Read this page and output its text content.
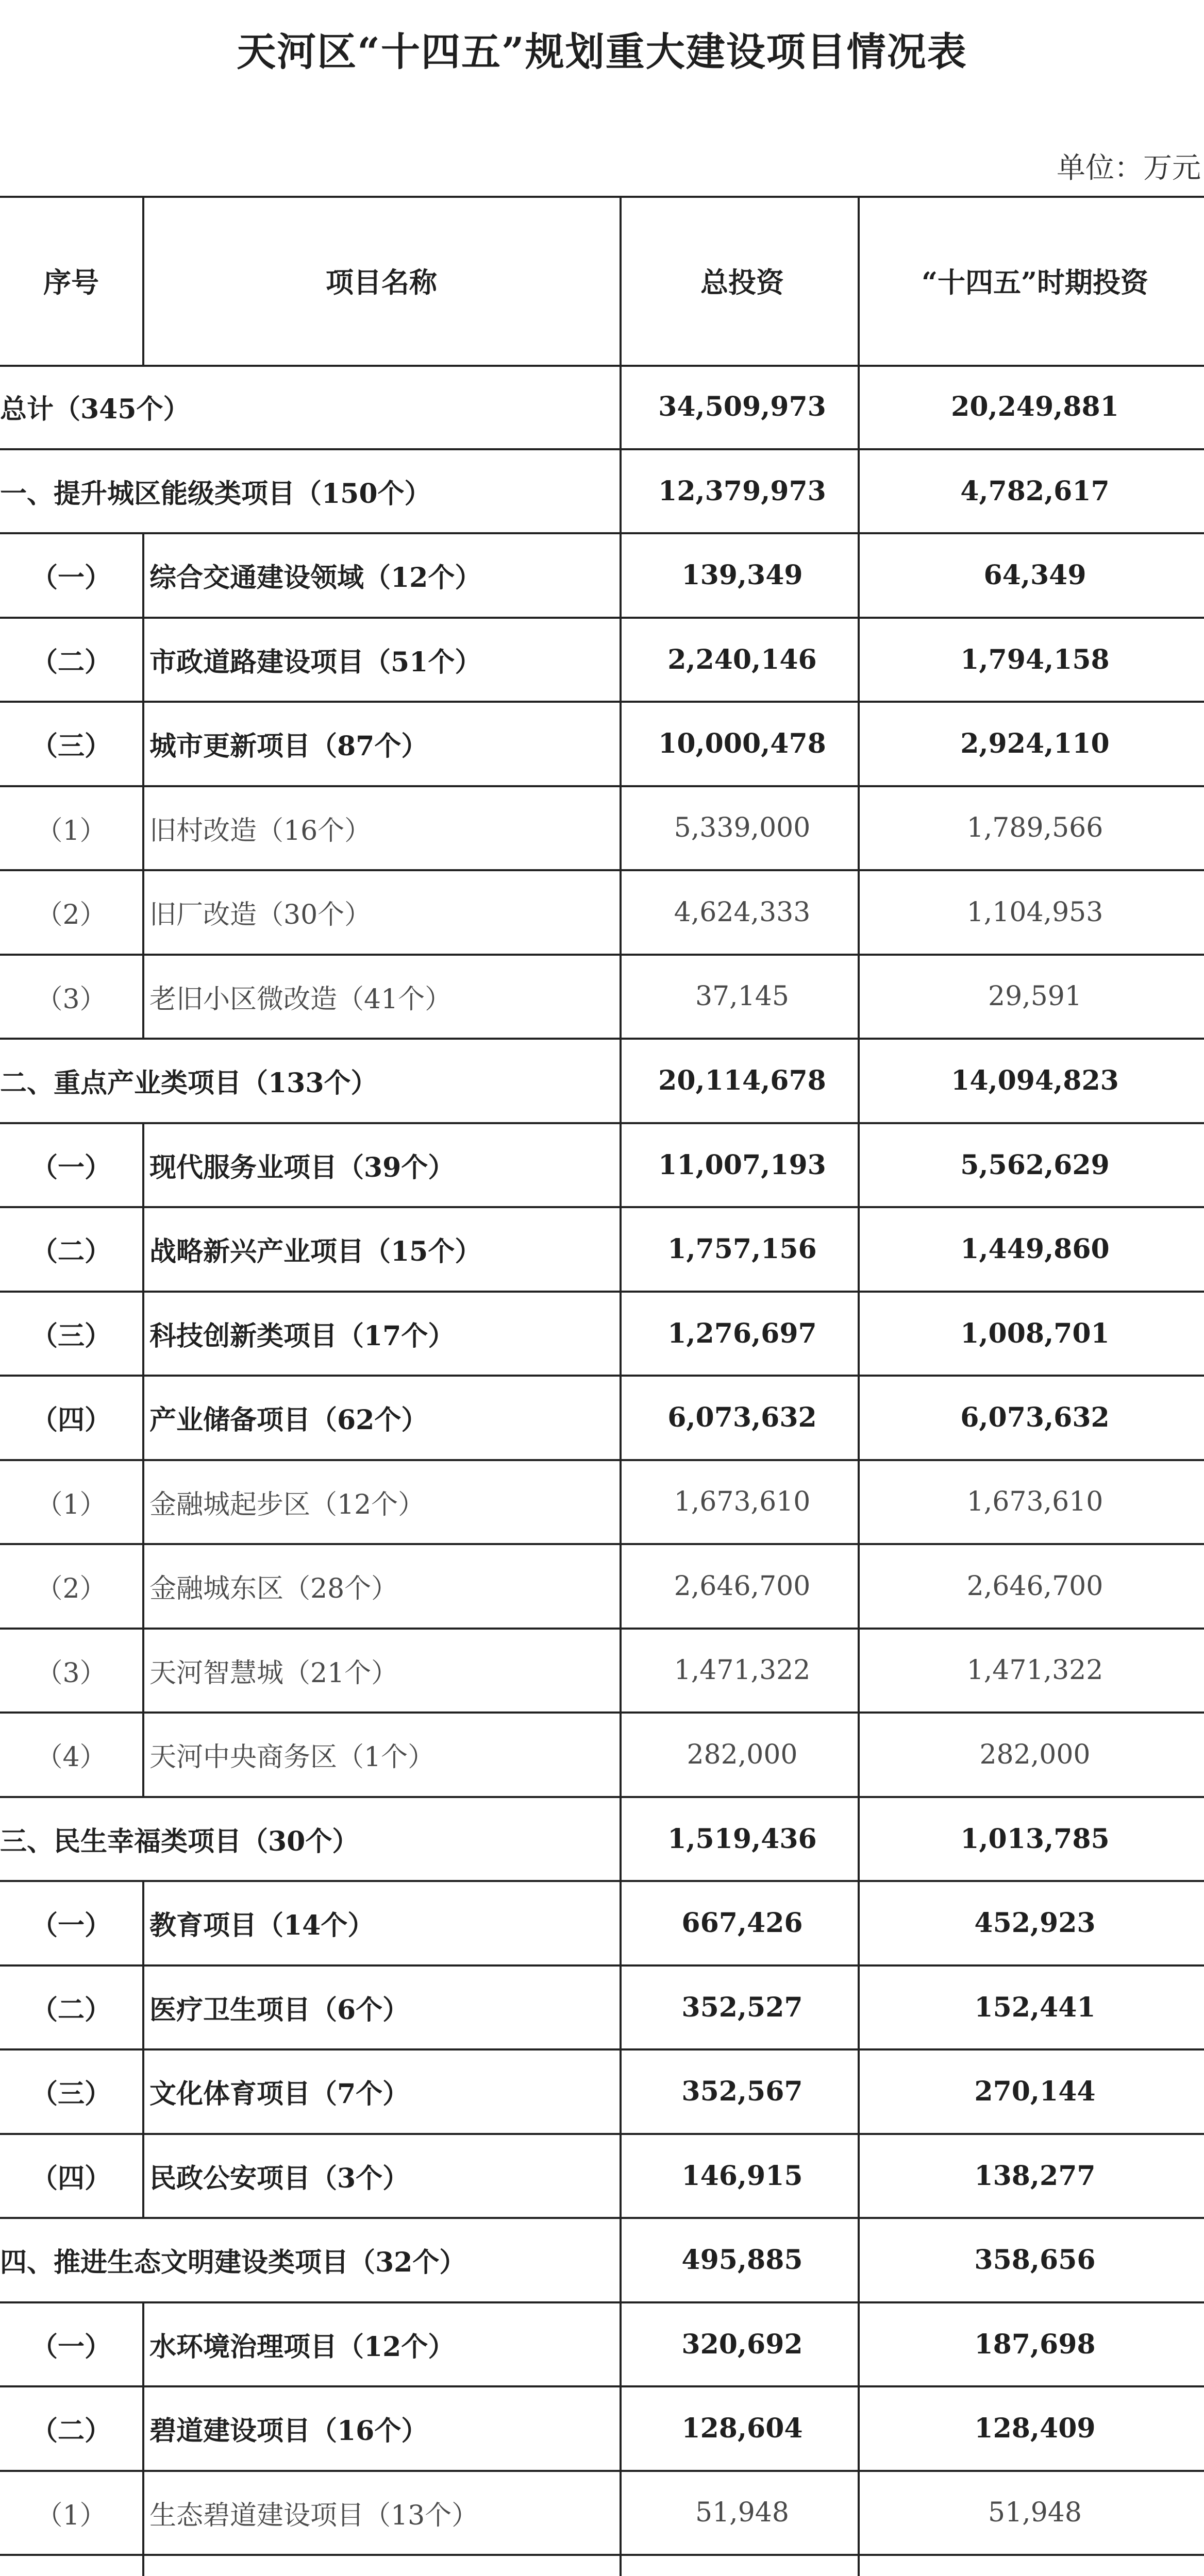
天河区“十四五”规划重大建设项目情况表
单位：万元
序号	项目名称	总投资	“十四五”时期投资
总计（345个）	34,509,973	20,249,881
一、提升城区能级类项目（150个）	12,379,973	4,782,617
（一）	综合交通建设领域（12个）	139,349	64,349
（二）	市政道路建设项目（51个）	2,240,146	1,794,158
（三）	城市更新项目（87个）	10,000,478	2,924,110
（1）	旧村改造（16个）	5,339,000	1,789,566
（2）	旧厂改造（30个）	4,624,333	1,104,953
（3）	老旧小区微改造（41个）	37,145	29,591
二、重点产业类项目（133个）	20,114,678	14,094,823
（一）	现代服务业项目（39个）	11,007,193	5,562,629
（二）	战略新兴产业项目（15个）	1,757,156	1,449,860
（三）	科技创新类项目（17个）	1,276,697	1,008,701
（四）	产业储备项目（62个）	6,073,632	6,073,632
（1）	金融城起步区（12个）	1,673,610	1,673,610
（2）	金融城东区（28个）	2,646,700	2,646,700
（3）	天河智慧城（21个）	1,471,322	1,471,322
（4）	天河中央商务区（1个）	282,000	282,000
三、民生幸福类项目（30个）	1,519,436	1,013,785
（一）	教育项目（14个）	667,426	452,923
（二）	医疗卫生项目（6个）	352,527	152,441
（三）	文化体育项目（7个）	352,567	270,144
（四）	民政公安项目（3个）	146,915	138,277
四、推进生态文明建设类项目（32个）	495,885	358,656
（一）	水环境治理项目（12个）	320,692	187,698
（二）	碧道建设项目（16个）	128,604	128,409
（1）	生态碧道建设项目（13个）	51,948	51,948
